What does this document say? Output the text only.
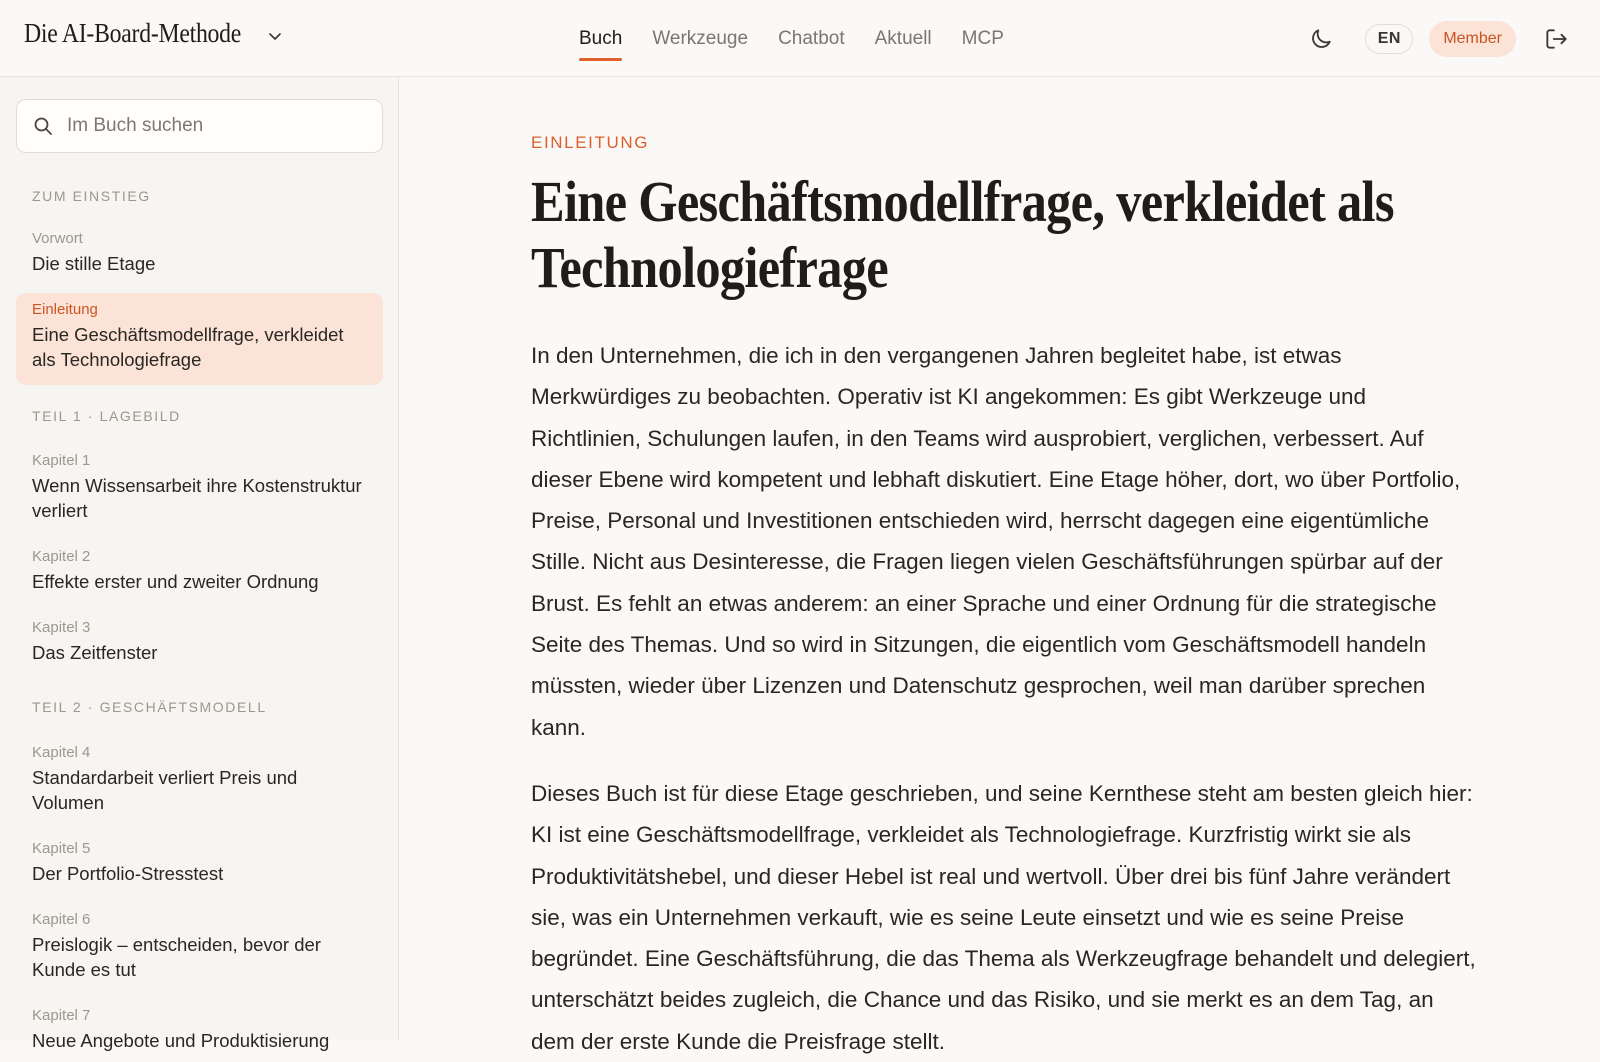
Die AI-Board-Methode	Buch Werkzeuge Chatbot Aktuell MCP	EN	Member
Im Buch suchen
ZUM EINSTIEG
Vorwort
Die stille Etage
Einleitung
Eine Geschäftsmodellfrage, verkleidet als Technologiefrage
TEIL 1 · LAGEBILD
Kapitel 1
Wenn Wissensarbeit ihre Kostenstruktur verliert
Kapitel 2
Effekte erster und zweiter Ordnung
Kapitel 3
Das Zeitfenster
TEIL 2 · GESCHÄFTSMODELL
Kapitel 4
Standardarbeit verliert Preis und Volumen
Kapitel 5
Der Portfolio-Stresstest
Kapitel 6
Preislogik – entscheiden, bevor der Kunde es tut
Kapitel 7
Neue Angebote und Produktisierung
EINLEITUNG
Eine Geschäftsmodellfrage, verkleidet als Technologiefrage

In den Unternehmen, die ich in den vergangenen Jahren begleitet habe, ist etwas Merkwürdiges zu beobachten. Operativ ist KI angekommen: Es gibt Werkzeuge und Richtlinien, Schulungen laufen, in den Teams wird ausprobiert, verglichen, verbessert. Auf dieser Ebene wird kompetent und lebhaft diskutiert. Eine Etage höher, dort, wo über Portfolio, Preise, Personal und Investitionen entschieden wird, herrscht dagegen eine eigentümliche Stille. Nicht aus Desinteresse, die Fragen liegen vielen Geschäftsführungen spürbar auf der Brust. Es fehlt an etwas anderem: an einer Sprache und einer Ordnung für die strategische Seite des Themas. Und so wird in Sitzungen, die eigentlich vom Geschäftsmodell handeln müssten, wieder über Lizenzen und Datenschutz gesprochen, weil man darüber sprechen kann.

Dieses Buch ist für diese Etage geschrieben, und seine Kernthese steht am besten gleich hier: KI ist eine Geschäftsmodellfrage, verkleidet als Technologiefrage. Kurzfristig wirkt sie als Produktivitätshebel, und dieser Hebel ist real und wertvoll. Über drei bis fünf Jahre verändert sie, was ein Unternehmen verkauft, wie es seine Leute einsetzt und wie es seine Preise begründet. Eine Geschäftsführung, die das Thema als Werkzeugfrage behandelt und delegiert, unterschätzt beides zugleich, die Chance und das Risiko, und sie merkt es an dem Tag, an dem der erste Kunde die Preisfrage stellt.
